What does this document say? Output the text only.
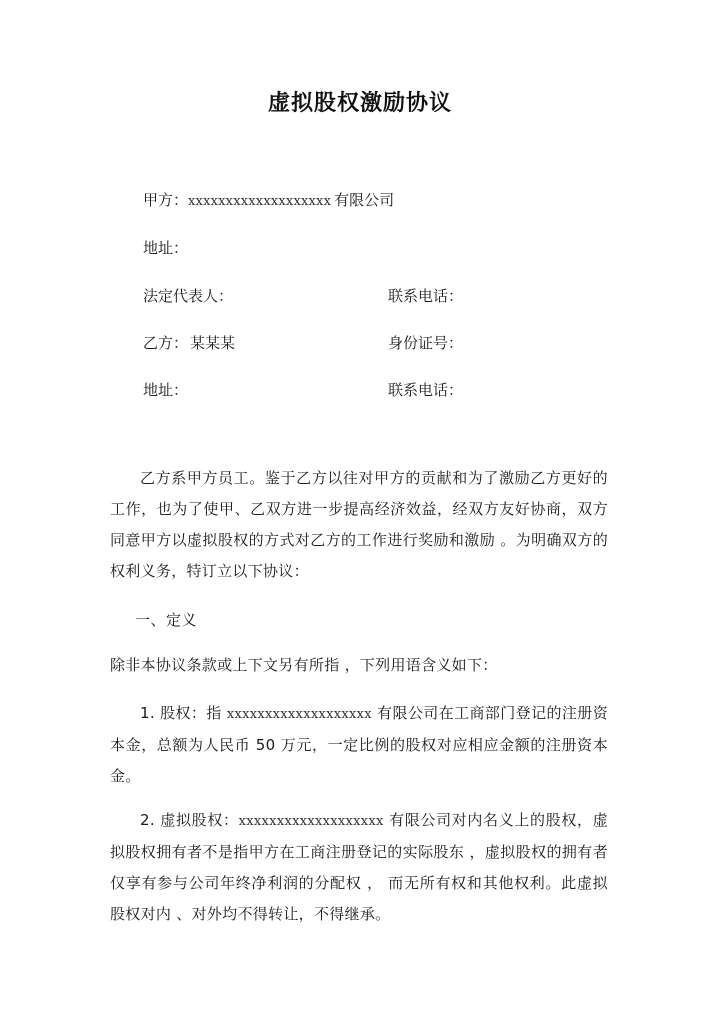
虚拟股权激励协议
甲方：xxxxxxxxxxxxxxxxxxx 有限公司
地址：
法定代表人：	联系电话：
乙方： 某某某	身份证号：
地址：	联系电话：
乙方系甲方员工。鉴于乙方以往对甲方的贡献和为了激励乙方更好的工作，也为了使甲、乙双方进一步提高经济效益，经双方友好协商，双方同意甲方以虚拟股权的方式对乙方的工作进行奖励和激励 。为明确双方的权利义务，特订立以下协议：
一、定义
除非本协议条款或上下文另有所指 ，下列用语含义如下：
1. 股权：指 xxxxxxxxxxxxxxxxxxx 有限公司在工商部门登记的注册资本金，总额为人民币 50 万元，一定比例的股权对应相应金额的注册资本金。
2. 虚拟股权：xxxxxxxxxxxxxxxxxxx 有限公司对内名义上的股权，虚拟股权拥有者不是指甲方在工商注册登记的实际股东 ，虚拟股权的拥有者仅享有参与公司年终净利润的分配权 ， 而无所有权和其他权利。此虚拟股权对内 、对外均不得转让，不得继承。
